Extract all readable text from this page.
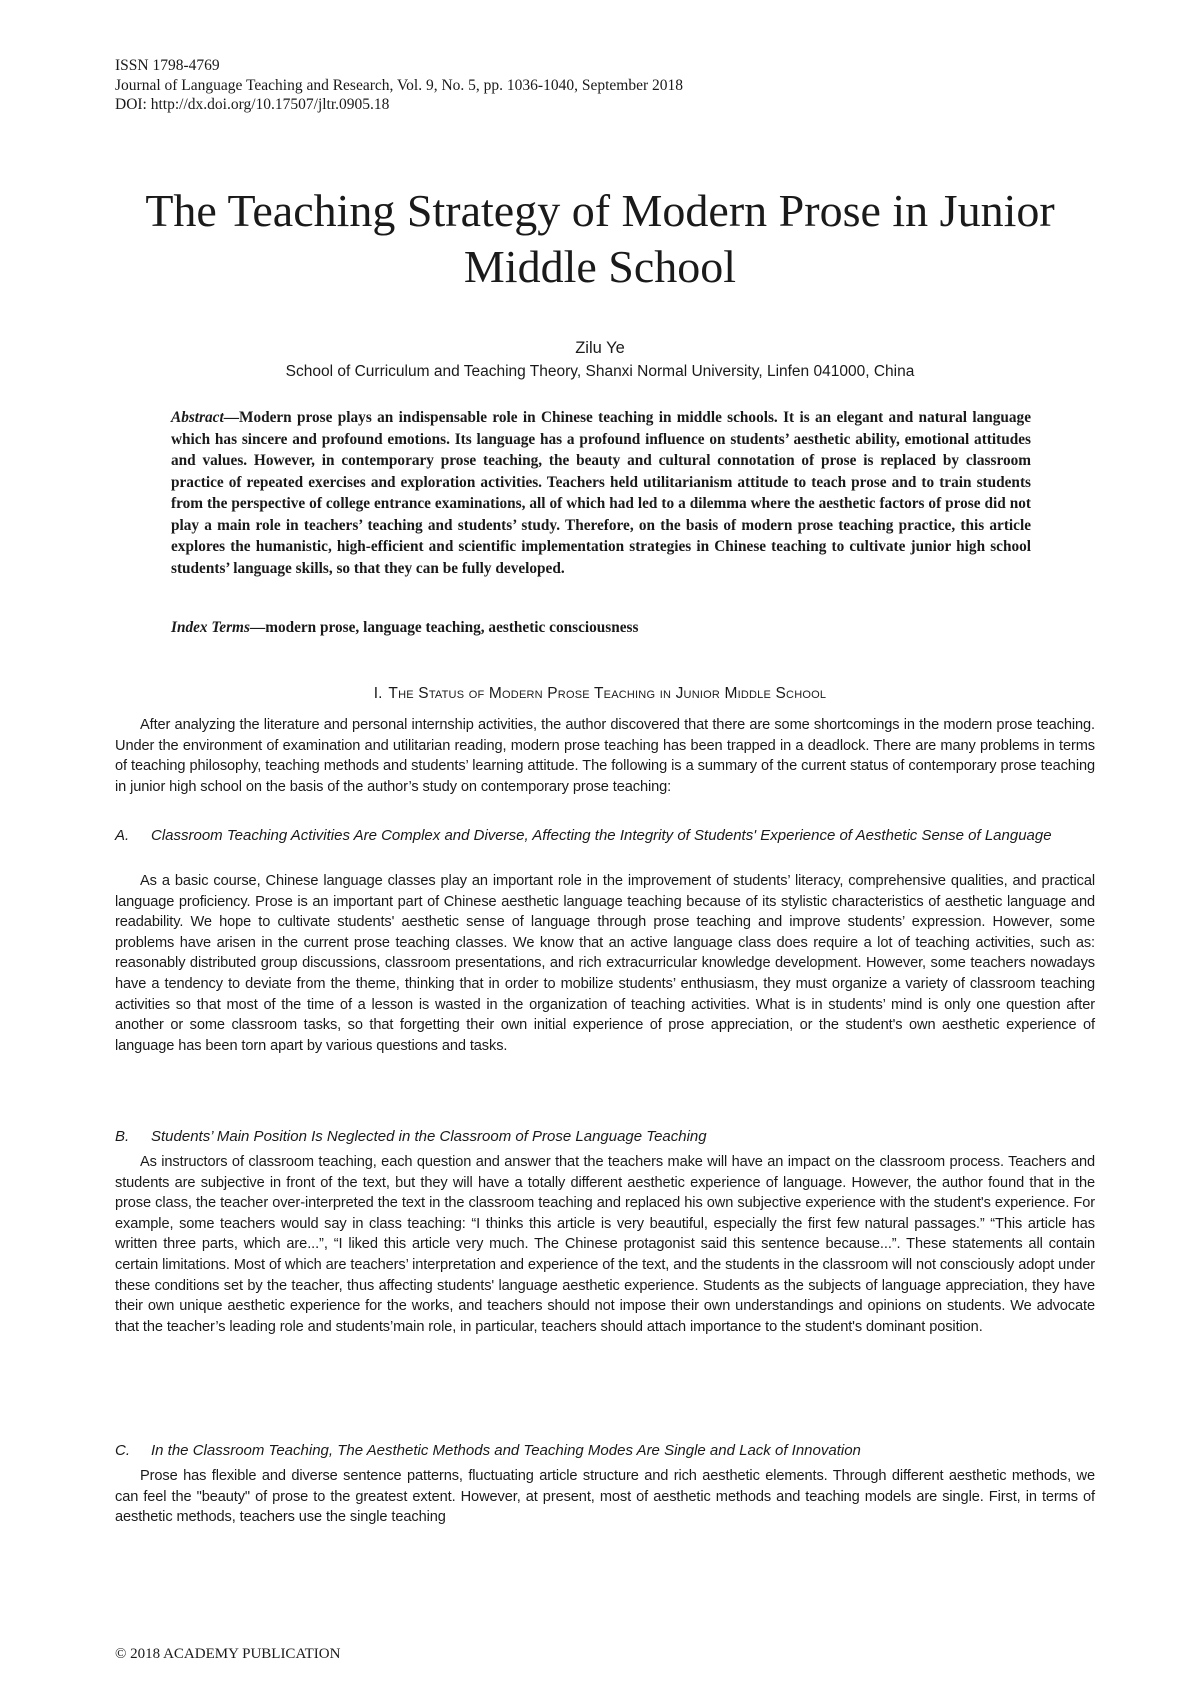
ISSN 1798-4769
Journal of Language Teaching and Research, Vol. 9, No. 5, pp. 1036-1040, September 2018
DOI: http://dx.doi.org/10.17507/jltr.0905.18
The Teaching Strategy of Modern Prose in Junior Middle School
Zilu Ye
School of Curriculum and Teaching Theory, Shanxi Normal University, Linfen 041000, China

Abstract—Modern prose plays an indispensable role in Chinese teaching in middle schools. It is an elegant and natural language which has sincere and profound emotions. Its language has a profound influence on students’ aesthetic ability, emotional attitudes and values. However, in contemporary prose teaching, the beauty and cultural connotation of prose is replaced by classroom practice of repeated exercises and exploration activities. Teachers held utilitarianism attitude to teach prose and to train students from the perspective of college entrance examinations, all of which had led to a dilemma where the aesthetic factors of prose did not play a main role in teachers’ teaching and students’ study. Therefore, on the basis of modern prose teaching practice, this article explores the humanistic, high-efficient and scientific implementation strategies in Chinese teaching to cultivate junior high school students’ language skills, so that they can be fully developed.

Index Terms—modern prose, language teaching, aesthetic consciousness

I. The Status of Modern Prose Teaching in Junior Middle School

After analyzing the literature and personal internship activities, the author discovered that there are some shortcomings in the modern prose teaching. Under the environment of examination and utilitarian reading, modern prose teaching has been trapped in a deadlock. There are many problems in terms of teaching philosophy, teaching methods and students’ learning attitude. The following is a summary of the current status of contemporary prose teaching in junior high school on the basis of the author’s study on contemporary prose teaching:

A. Classroom Teaching Activities Are Complex and Diverse, Affecting the Integrity of Students' Experience of Aesthetic Sense of Language

As a basic course, Chinese language classes play an important role in the improvement of students’ literacy, comprehensive qualities, and practical language proficiency. Prose is an important part of Chinese aesthetic language teaching because of its stylistic characteristics of aesthetic language and readability. We hope to cultivate students' aesthetic sense of language through prose teaching and improve students’ expression. However, some problems have arisen in the current prose teaching classes. We know that an active language class does require a lot of teaching activities, such as: reasonably distributed group discussions, classroom presentations, and rich extracurricular knowledge development. However, some teachers nowadays have a tendency to deviate from the theme, thinking that in order to mobilize students’ enthusiasm, they must organize a variety of classroom teaching activities so that most of the time of a lesson is wasted in the organization of teaching activities. What is in students’ mind is only one question after another or some classroom tasks, so that forgetting their own initial experience of prose appreciation, or the student's own aesthetic experience of language has been torn apart by various questions and tasks.

B. Students’ Main Position Is Neglected in the Classroom of Prose Language Teaching

As instructors of classroom teaching, each question and answer that the teachers make will have an impact on the classroom process. Teachers and students are subjective in front of the text, but they will have a totally different aesthetic experience of language. However, the author found that in the prose class, the teacher over-interpreted the text in the classroom teaching and replaced his own subjective experience with the student's experience. For example, some teachers would say in class teaching: “I thinks this article is very beautiful, especially the first few natural passages.” “This article has written three parts, which are...”, “I liked this article very much. The Chinese protagonist said this sentence because...”. These statements all contain certain limitations. Most of which are teachers’ interpretation and experience of the text, and the students in the classroom will not consciously adopt under these conditions set by the teacher, thus affecting students' language aesthetic experience. Students as the subjects of language appreciation, they have their own unique aesthetic experience for the works, and teachers should not impose their own understandings and opinions on students. We advocate that the teacher’s leading role and students’main role, in particular, teachers should attach importance to the student's dominant position.

C. In the Classroom Teaching, The Aesthetic Methods and Teaching Modes Are Single and Lack of Innovation

Prose has flexible and diverse sentence patterns, fluctuating article structure and rich aesthetic elements. Through different aesthetic methods, we can feel the "beauty" of prose to the greatest extent. However, at present, most of aesthetic methods and teaching models are single. First, in terms of aesthetic methods, teachers use the single teaching

© 2018 ACADEMY PUBLICATION
